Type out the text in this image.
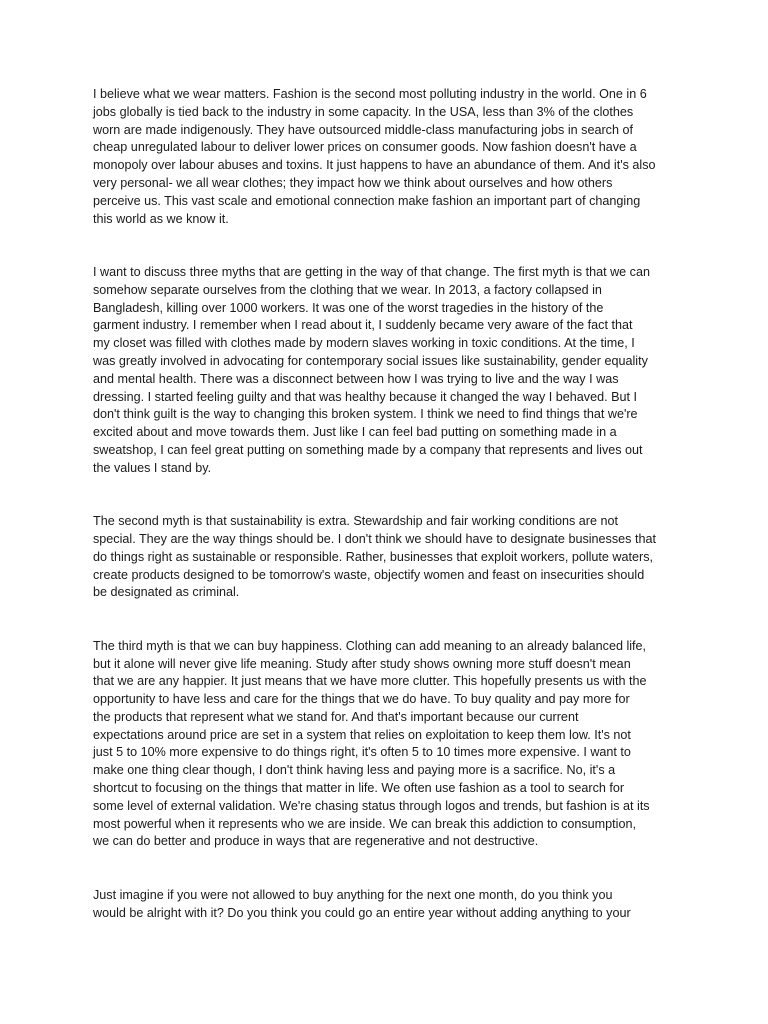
I believe what we wear matters. Fashion is the second most polluting industry in the world. One in 6
jobs globally is tied back to the industry in some capacity. In the USA, less than 3% of the clothes
worn are made indigenously. They have outsourced middle-class manufacturing jobs in search of
cheap unregulated labour to deliver lower prices on consumer goods. Now fashion doesn't have a
monopoly over labour abuses and toxins. It just happens to have an abundance of them. And it's also
very personal- we all wear clothes; they impact how we think about ourselves and how others
perceive us. This vast scale and emotional connection make fashion an important part of changing
this world as we know it.

I want to discuss three myths that are getting in the way of that change. The first myth is that we can
somehow separate ourselves from the clothing that we wear. In 2013, a factory collapsed in
Bangladesh, killing over 1000 workers. It was one of the worst tragedies in the history of the
garment industry. I remember when I read about it, I suddenly became very aware of the fact that
my closet was filled with clothes made by modern slaves working in toxic conditions. At the time, I
was greatly involved in advocating for contemporary social issues like sustainability, gender equality
and mental health. There was a disconnect between how I was trying to live and the way I was
dressing. I started feeling guilty and that was healthy because it changed the way I behaved. But I
don't think guilt is the way to changing this broken system. I think we need to find things that we're
excited about and move towards them. Just like I can feel bad putting on something made in a
sweatshop, I can feel great putting on something made by a company that represents and lives out
the values I stand by.

The second myth is that sustainability is extra. Stewardship and fair working conditions are not
special. They are the way things should be. I don't think we should have to designate businesses that
do things right as sustainable or responsible. Rather, businesses that exploit workers, pollute waters,
create products designed to be tomorrow's waste, objectify women and feast on insecurities should
be designated as criminal.

The third myth is that we can buy happiness. Clothing can add meaning to an already balanced life,
but it alone will never give life meaning. Study after study shows owning more stuff doesn't mean
that we are any happier. It just means that we have more clutter. This hopefully presents us with the
opportunity to have less and care for the things that we do have. To buy quality and pay more for
the products that represent what we stand for. And that's important because our current
expectations around price are set in a system that relies on exploitation to keep them low. It's not
just 5 to 10% more expensive to do things right, it's often 5 to 10 times more expensive. I want to
make one thing clear though, I don't think having less and paying more is a sacrifice. No, it's a
shortcut to focusing on the things that matter in life. We often use fashion as a tool to search for
some level of external validation. We're chasing status through logos and trends, but fashion is at its
most powerful when it represents who we are inside. We can break this addiction to consumption,
we can do better and produce in ways that are regenerative and not destructive.

Just imagine if you were not allowed to buy anything for the next one month, do you think you
would be alright with it? Do you think you could go an entire year without adding anything to your
